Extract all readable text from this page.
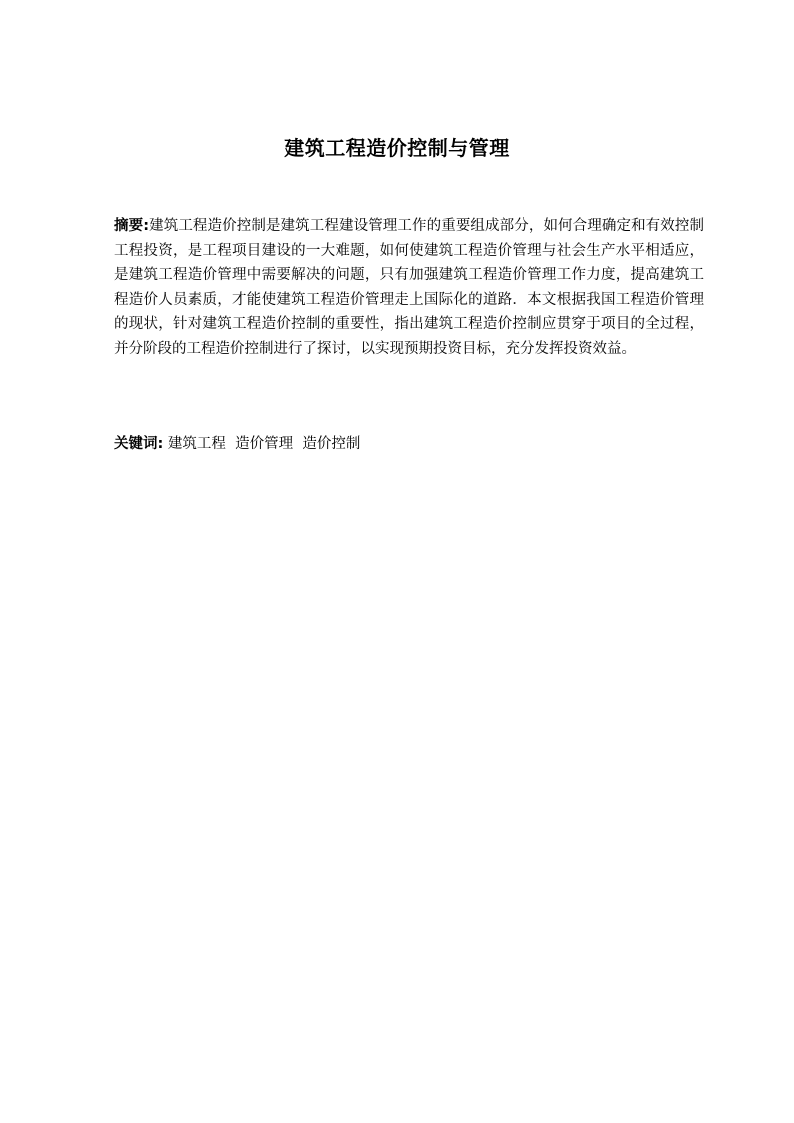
建筑工程造价控制与管理
摘要:建筑工程造价控制是建筑工程建设管理工作的重要组成部分，如何合理确定和有效控制工程投资，是工程项目建设的一大难题，如何使建筑工程造价管理与社会生产水平相适应，是建筑工程造价管理中需要解决的问题，只有加强建筑工程造价管理工作力度，提高建筑工程造价人员素质，才能使建筑工程造价管理走上国际化的道路．本文根据我国工程造价管理的现状，针对建筑工程造价控制的重要性，指出建筑工程造价控制应贯穿于项目的全过程，并分阶段的工程造价控制进行了探讨，以实现预期投资目标，充分发挥投资效益。
关键词: 建筑工程  造价管理  造价控制
